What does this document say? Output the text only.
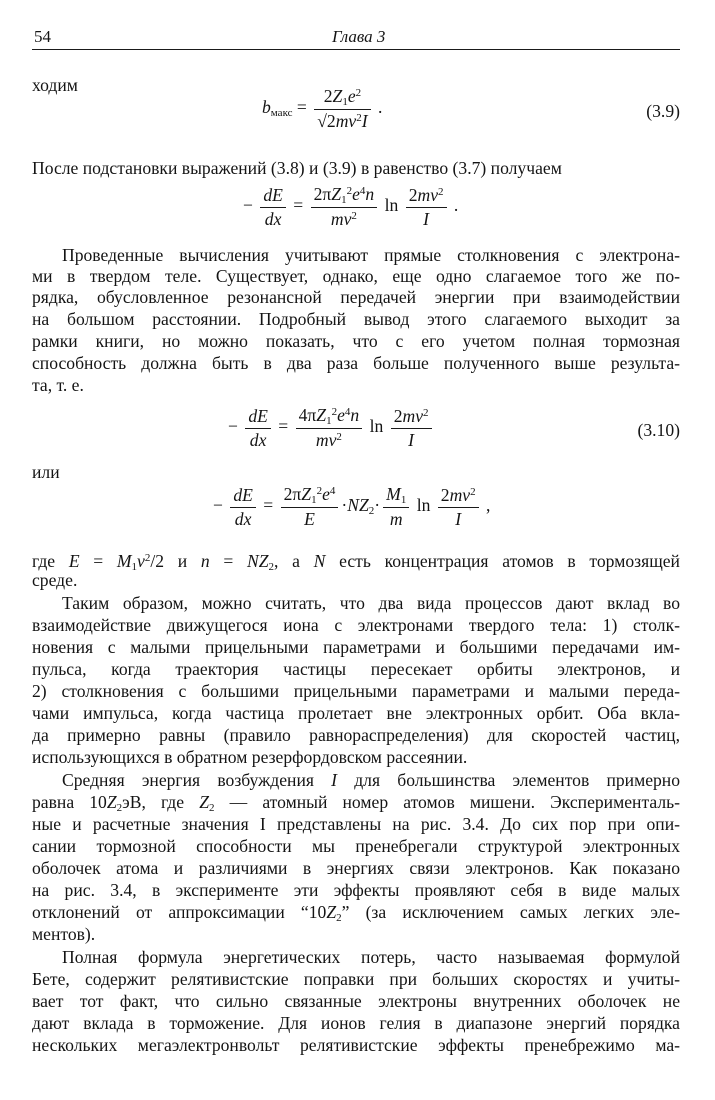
54	Глава 3
ходим
$b_{макс} = \frac{2Z_1e^2}{√2mv^2I}$ .	(3.9)
После подстановки выражений (3.8) и (3.9) в равенство (3.7) получаем
− $\frac{dE}{dx} = \frac{2\pi Z_1^2e^4n}{mv^2}$ $\ln \frac{2mv^2}{I}$ .
Проведенные вычисления учитывают прямые столкновения с электрона-
ми в твердом теле. Существует, однако, еще одно слагаемое того же по-
рядка, обусловленное резонансной передачей энергии при взаимодействии
на большом расстоянии. Подробный вывод этого слагаемого выходит за
рамки книги, но можно показать, что с его учетом полная тормозная
способность должна быть в два раза больше полученного выше результа-
та, т. е.
− $\frac{dE}{dx} = \frac{4\pi Z_1^2e^4n}{mv^2}$ $\ln \frac{2mv^2}{I}$	(3.10)
или
− $\frac{dE}{dx} = \frac{2\pi Z_1^2e^4}{E} \cdot NZ_2\cdot \frac{M_1}{m}$ $\ln \frac{2mv^2}{I}$ ,
где $E = M_1v^2/2$ и $n = NZ_2$, а N есть концентрация атомов в тормозящей
среде.
Таким образом, можно считать, что два вида процессов дают вклад во
взаимодействие движущегося иона с электронами твердого тела: 1) столк-
новения с малыми прицельными параметрами и большими передачами им-
пульса, когда траектория частицы пересекает орбиты электронов, и
2) столкновения с большими прицельными параметрами и малыми переда-
чами импульса, когда частица пролетает вне электронных орбит. Оба вкла-
да примерно равны (правило равнораспределения) для скоростей частиц,
использующихся в обратном резерфордовском рассеянии.
Средняя энергия возбуждения I для большинства элементов примерно
равна $10Z_2эВ$, где $Z_2$ — атомный номер атомов мишени. Эксперименталь-
ные и расчетные значения I представлены на рис. 3.4. До сих пор при опи-
сании тормозной способности мы пренебрегали структурой электронных
оболочек атома и различиями в энергиях связи электронов. Как показано
на рис. 3.4, в эксперименте эти эффекты проявляют себя в виде малых
отклонений от аппроксимации “$10Z_2$” (за исключением самых легких эле-
ментов).
Полная формула энергетических потерь, часто называемая формулой
Бете, содержит релятивистские поправки при больших скоростях и учиты-
вает тот факт, что сильно связанные электроны внутренних оболочек не
дают вклада в торможение. Для ионов гелия в диапазоне энергий порядка
нескольких мегаэлектронвольт релятивистские эффекты пренебрежимо ма-
